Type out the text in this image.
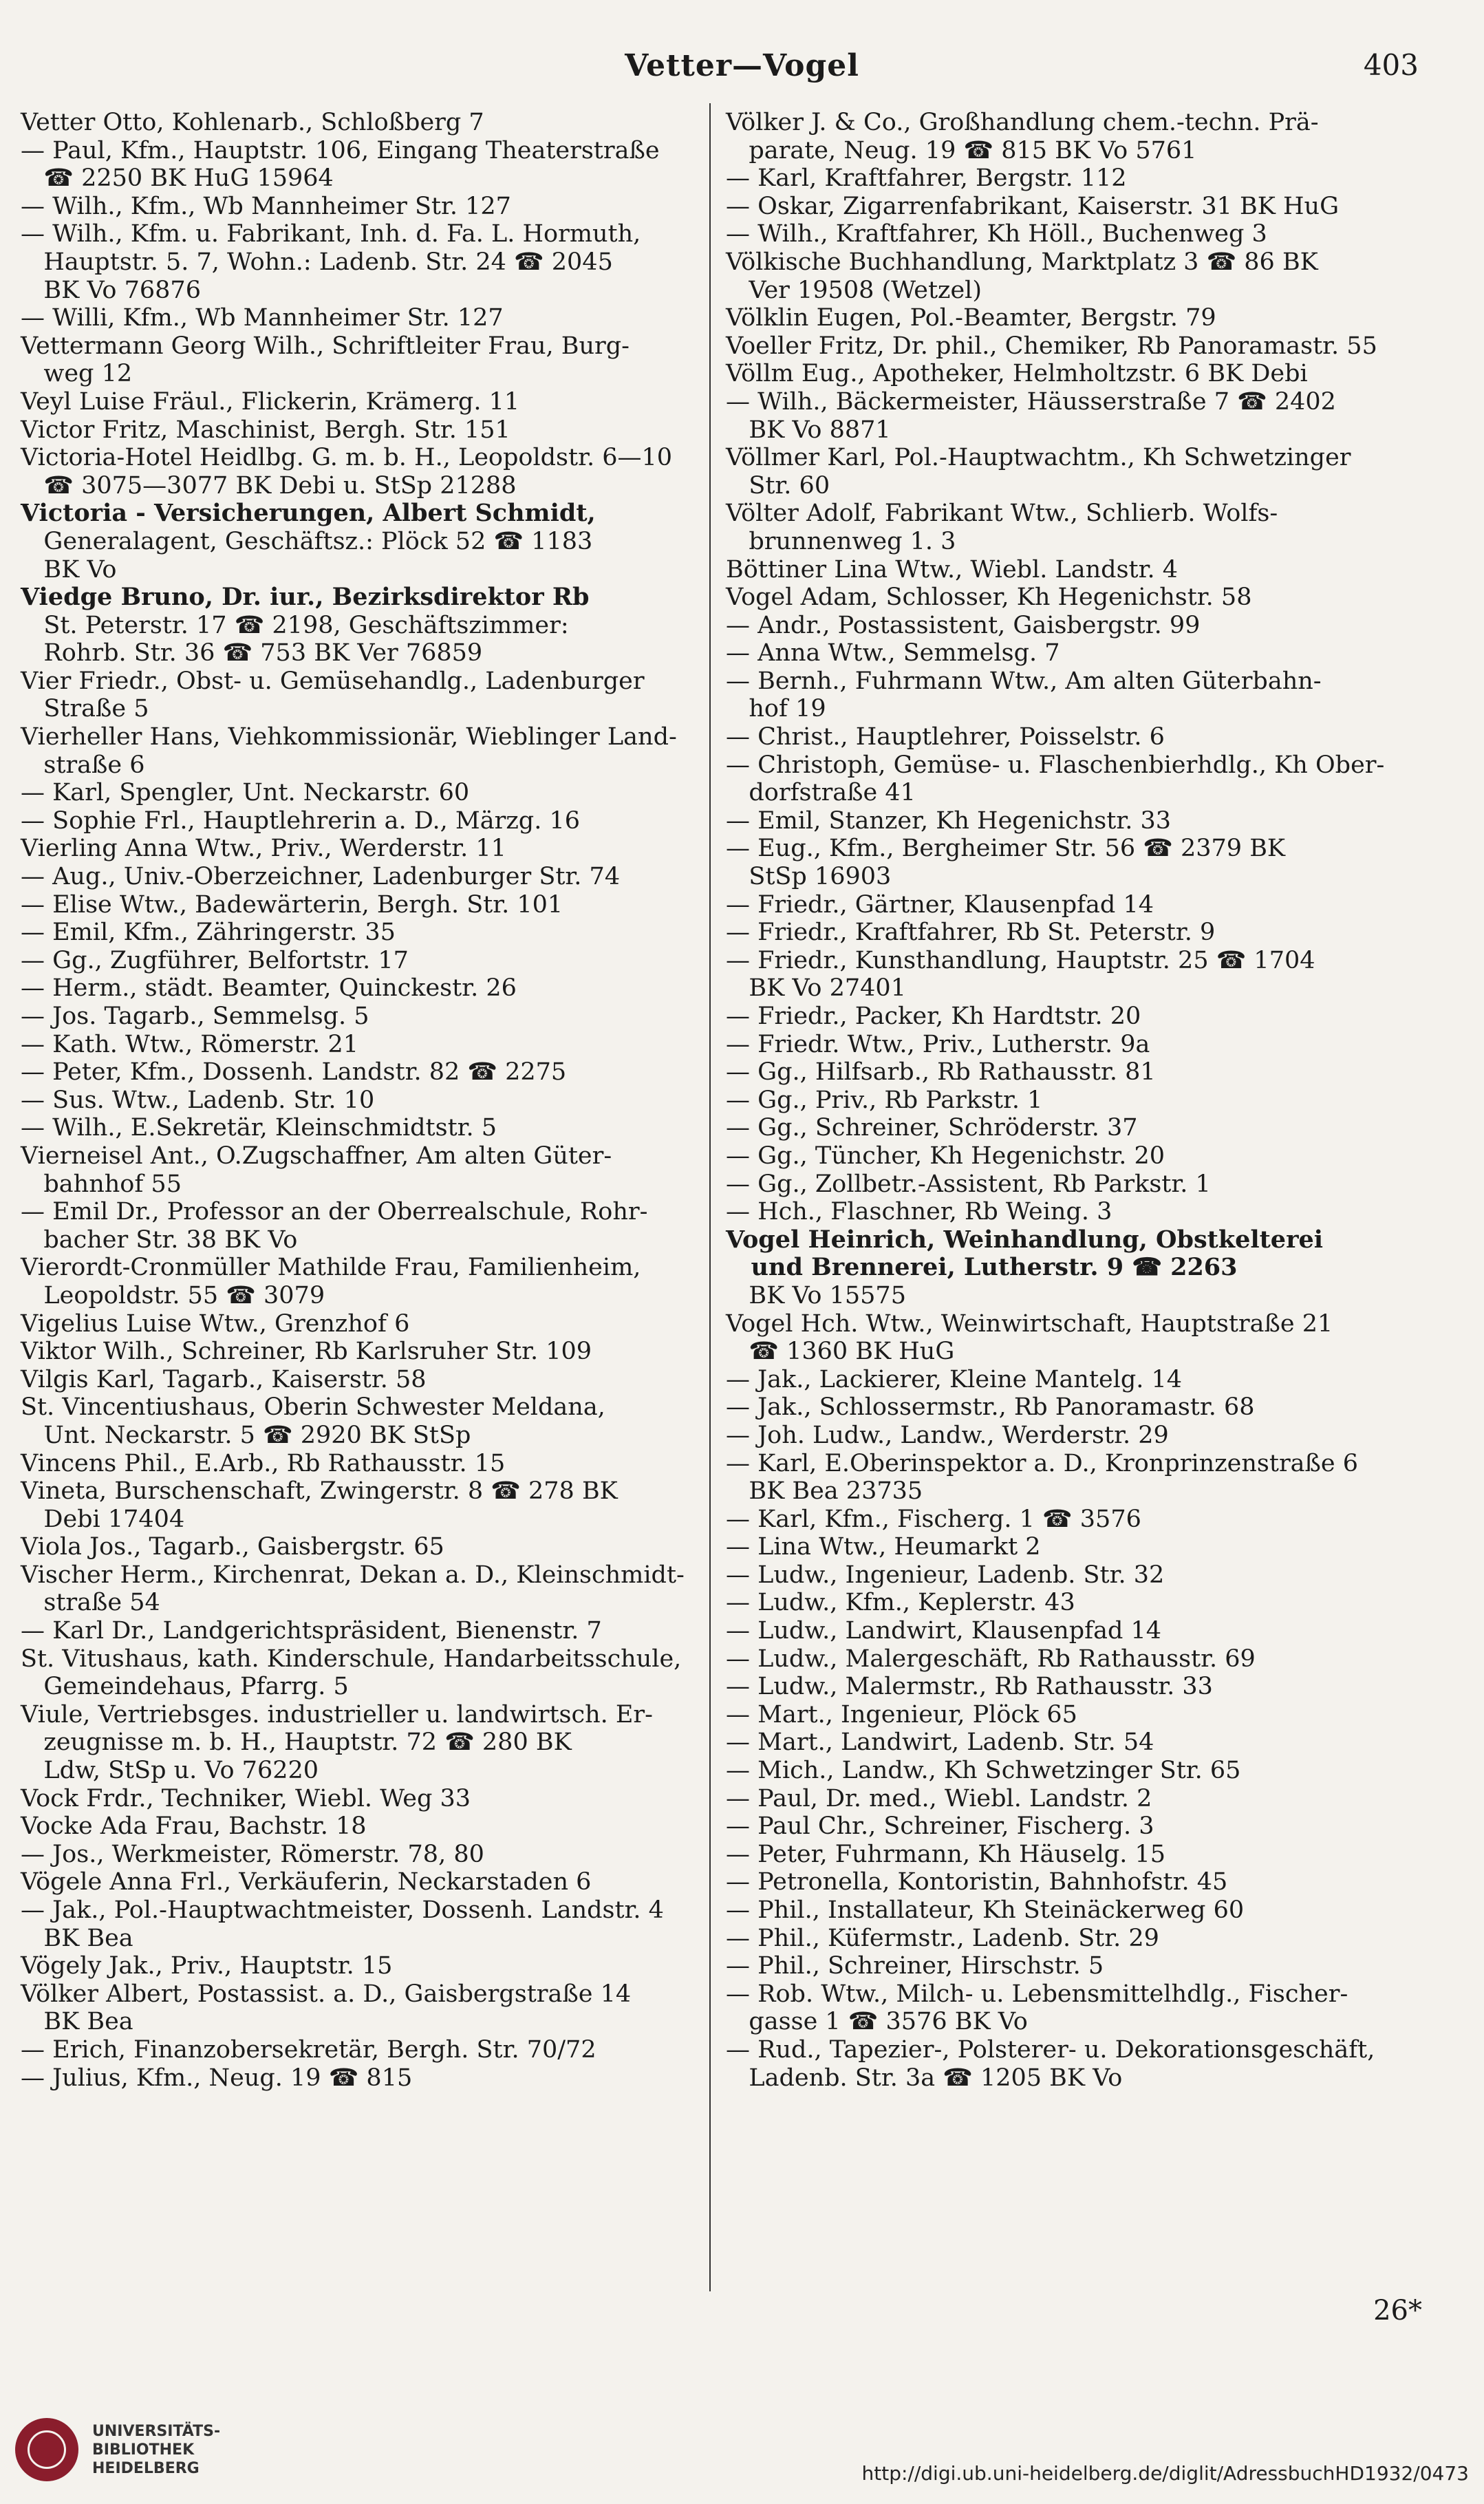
Vetter—Vogel	403
Vetter Otto, Kohlenarb., Schloßberg 7
— Paul, Kfm., Hauptstr. 106, Eingang Theaterstraße
☎ 2250 BK HuG 15964
— Wilh., Kfm., Wb Mannheimer Str. 127
— Wilh., Kfm. u. Fabrikant, Inh. d. Fa. L. Hormuth,
Hauptstr. 5. 7, Wohn.: Ladenb. Str. 24 ☎ 2045
BK Vo 76876
— Willi, Kfm., Wb Mannheimer Str. 127
Vettermann Georg Wilh., Schriftleiter Frau, Burg-
weg 12
Veyl Luise Fräul., Flickerin, Krämerg. 11
Victor Fritz, Maschinist, Bergh. Str. 151
Victoria-Hotel Heidlbg. G. m. b. H., Leopoldstr. 6—10
☎ 3075—3077 BK Debi u. StSp 21288
Victoria - Versicherungen, Albert Schmidt,
Generalagent, Geschäftsz.: Plöck 52 ☎ 1183
BK Vo
Viedge Bruno, Dr. iur., Bezirksdirektor Rb
St. Peterstr. 17 ☎ 2198, Geschäftszimmer:
Rohrb. Str. 36 ☎ 753 BK Ver 76859
Vier Friedr., Obst- u. Gemüsehandlg., Ladenburger
Straße 5
Vierheller Hans, Viehkommissionär, Wieblinger Land-
straße 6
— Karl, Spengler, Unt. Neckarstr. 60
— Sophie Frl., Hauptlehrerin a. D., Märzg. 16
Vierling Anna Wtw., Priv., Werderstr. 11
— Aug., Univ.-Oberzeichner, Ladenburger Str. 74
— Elise Wtw., Badewärterin, Bergh. Str. 101
— Emil, Kfm., Zähringerstr. 35
— Gg., Zugführer, Belfortstr. 17
— Herm., städt. Beamter, Quinckestr. 26
— Jos. Tagarb., Semmelsg. 5
— Kath. Wtw., Römerstr. 21
— Peter, Kfm., Dossenh. Landstr. 82 ☎ 2275
— Sus. Wtw., Ladenb. Str. 10
— Wilh., E.Sekretär, Kleinschmidtstr. 5
Vierneisel Ant., O.Zugschaffner, Am alten Güter-
bahnhof 55
— Emil Dr., Professor an der Oberrealschule, Rohr-
bacher Str. 38 BK Vo
Vierordt-Cronmüller Mathilde Frau, Familienheim,
Leopoldstr. 55 ☎ 3079
Vigelius Luise Wtw., Grenzhof 6
Viktor Wilh., Schreiner, Rb Karlsruher Str. 109
Vilgis Karl, Tagarb., Kaiserstr. 58
St. Vincentiushaus, Oberin Schwester Meldana,
Unt. Neckarstr. 5 ☎ 2920 BK StSp
Vincens Phil., E.Arb., Rb Rathausstr. 15
Vineta, Burschenschaft, Zwingerstr. 8 ☎ 278 BK
Debi 17404
Viola Jos., Tagarb., Gaisbergstr. 65
Vischer Herm., Kirchenrat, Dekan a. D., Kleinschmidt-
straße 54
— Karl Dr., Landgerichtspräsident, Bienenstr. 7
St. Vitushaus, kath. Kinderschule, Handarbeitsschule,
Gemeindehaus, Pfarrg. 5
Viule, Vertriebsges. industrieller u. landwirtsch. Er-
zeugnisse m. b. H., Hauptstr. 72 ☎ 280 BK
Ldw, StSp u. Vo 76220
Vock Frdr., Techniker, Wiebl. Weg 33
Vocke Ada Frau, Bachstr. 18
— Jos., Werkmeister, Römerstr. 78, 80
Vögele Anna Frl., Verkäuferin, Neckarstaden 6
— Jak., Pol.-Hauptwachtmeister, Dossenh. Landstr. 4
BK Bea
Vögely Jak., Priv., Hauptstr. 15
Völker Albert, Postassist. a. D., Gaisbergstraße 14
BK Bea
— Erich, Finanzobersekretär, Bergh. Str. 70/72
— Julius, Kfm., Neug. 19 ☎ 815
Völker J. & Co., Großhandlung chem.-techn. Prä-
parate, Neug. 19 ☎ 815 BK Vo 5761
— Karl, Kraftfahrer, Bergstr. 112
— Oskar, Zigarrenfabrikant, Kaiserstr. 31 BK HuG
— Wilh., Kraftfahrer, Kh Höll., Buchenweg 3
Völkische Buchhandlung, Marktplatz 3 ☎ 86 BK
Ver 19508 (Wetzel)
Völklin Eugen, Pol.-Beamter, Bergstr. 79
Voeller Fritz, Dr. phil., Chemiker, Rb Panoramastr. 55
Völlm Eug., Apotheker, Helmholtzstr. 6 BK Debi
— Wilh., Bäckermeister, Häusserstraße 7 ☎ 2402
BK Vo 8871
Völlmer Karl, Pol.-Hauptwachtm., Kh Schwetzinger
Str. 60
Völter Adolf, Fabrikant Wtw., Schlierb. Wolfs-
brunnenweg 1. 3
Böttiner Lina Wtw., Wiebl. Landstr. 4
Vogel Adam, Schlosser, Kh Hegenichstr. 58
— Andr., Postassistent, Gaisbergstr. 99
— Anna Wtw., Semmelsg. 7
— Bernh., Fuhrmann Wtw., Am alten Güterbahn-
hof 19
— Christ., Hauptlehrer, Poisselstr. 6
— Christoph, Gemüse- u. Flaschenbierhdlg., Kh Ober-
dorfstraße 41
— Emil, Stanzer, Kh Hegenichstr. 33
— Eug., Kfm., Bergheimer Str. 56 ☎ 2379 BK
StSp 16903
— Friedr., Gärtner, Klausenpfad 14
— Friedr., Kraftfahrer, Rb St. Peterstr. 9
— Friedr., Kunsthandlung, Hauptstr. 25 ☎ 1704
BK Vo 27401
— Friedr., Packer, Kh Hardtstr. 20
— Friedr. Wtw., Priv., Lutherstr. 9a
— Gg., Hilfsarb., Rb Rathausstr. 81
— Gg., Priv., Rb Parkstr. 1
— Gg., Schreiner, Schröderstr. 37
— Gg., Tüncher, Kh Hegenichstr. 20
— Gg., Zollbetr.-Assistent, Rb Parkstr. 1
— Hch., Flaschner, Rb Weing. 3
Vogel Heinrich, Weinhandlung, Obstkelterei
und Brennerei, Lutherstr. 9 ☎ 2263
BK Vo 15575
Vogel Hch. Wtw., Weinwirtschaft, Hauptstraße 21
☎ 1360 BK HuG
— Jak., Lackierer, Kleine Mantelg. 14
— Jak., Schlossermstr., Rb Panoramastr. 68
— Joh. Ludw., Landw., Werderstr. 29
— Karl, E.Oberinspektor a. D., Kronprinzenstraße 6
BK Bea 23735
— Karl, Kfm., Fischerg. 1 ☎ 3576
— Lina Wtw., Heumarkt 2
— Ludw., Ingenieur, Ladenb. Str. 32
— Ludw., Kfm., Keplerstr. 43
— Ludw., Landwirt, Klausenpfad 14
— Ludw., Malergeschäft, Rb Rathausstr. 69
— Ludw., Malermstr., Rb Rathausstr. 33
— Mart., Ingenieur, Plöck 65
— Mart., Landwirt, Ladenb. Str. 54
— Mich., Landw., Kh Schwetzinger Str. 65
— Paul, Dr. med., Wiebl. Landstr. 2
— Paul Chr., Schreiner, Fischerg. 3
— Peter, Fuhrmann, Kh Häuselg. 15
— Petronella, Kontoristin, Bahnhofstr. 45
— Phil., Installateur, Kh Steinäckerweg 60
— Phil., Küfermstr., Ladenb. Str. 29
— Phil., Schreiner, Hirschstr. 5
— Rob. Wtw., Milch- u. Lebensmittelhdlg., Fischer-
gasse 1 ☎ 3576 BK Vo
— Rud., Tapezier-, Polsterer- u. Dekorationsgeschäft,
Ladenb. Str. 3a ☎ 1205 BK Vo
26*
UNIVERSITÄTS-
BIBLIOTHEK
HEIDELBERG	http://digi.ub.uni-heidelberg.de/diglit/AdressbuchHD1932/0473
